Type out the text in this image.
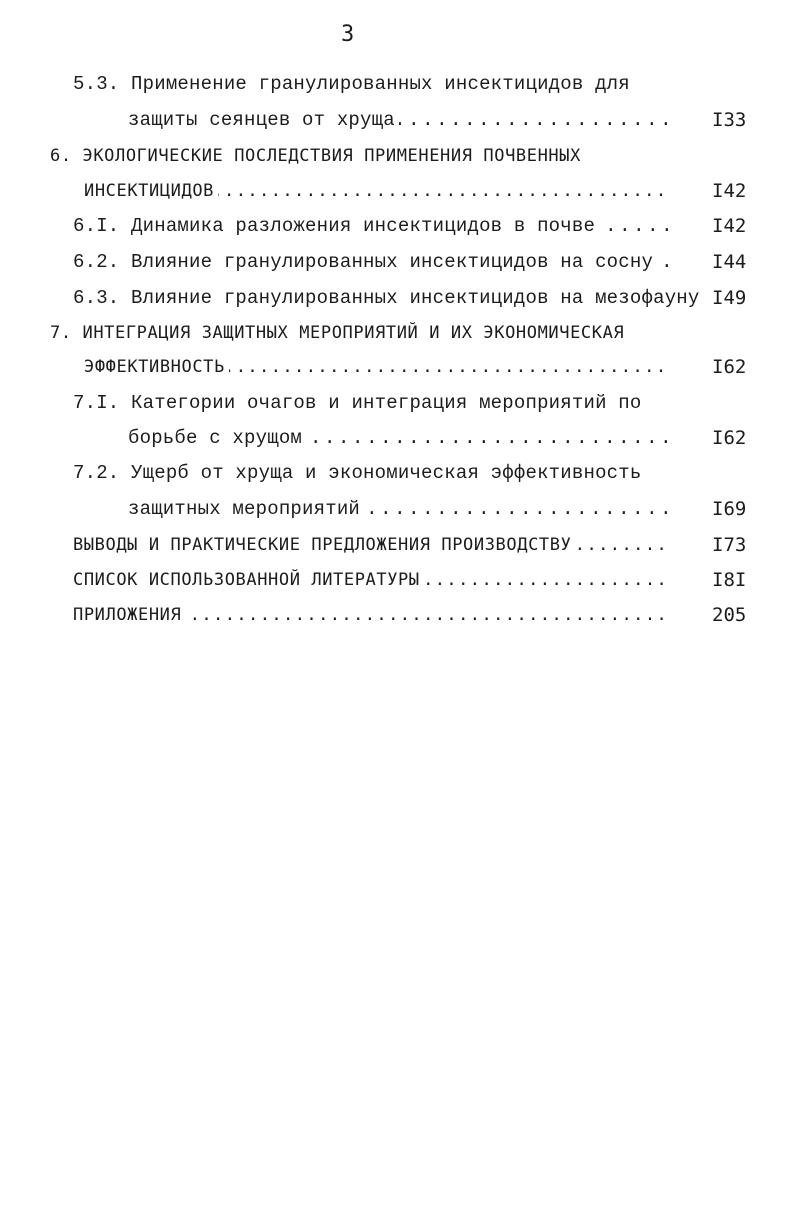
3
5.3. Применение гранулированных инсектицидов для
защиты сеянцев от хруща . . .	I33
6. ЭКОЛОГИЧЕСКИЕ ПОСЛЕДСТВИЯ ПРИМЕНЕНИЯ ПОЧВЕННЫХ
ИНСЕКТИЦИДОВ . . .	I42
6.I. Динамика разложения инсектицидов в почве . . .	I42
6.2. Влияние гранулированных инсектицидов на сосну . . .	I44
6.3. Влияние гранулированных инсектицидов на мезофауну I49
7. ИНТЕГРАЦИЯ ЗАЩИТНЫХ МЕРОПРИЯТИЙ И ИХ ЭКОНОМИЧЕСКАЯ
ЭФФЕКТИВНОСТЬ . . .	I62
7.I. Категории очагов и интеграция мероприятий по
борьбе с хрущом . . .	I62
7.2. Ущерб от хруща и экономическая эффективность
защитных мероприятий . . .	I69
ВЫВОДЫ И ПРАКТИЧЕСКИЕ ПРЕДЛОЖЕНИЯ ПРОИЗВОДСТВУ . . .	I73
СПИСОК ИСПОЛЬЗОВАННОЙ ЛИТЕРАТУРЫ . . .	I8I
ПРИЛОЖЕНИЯ . . .	205
